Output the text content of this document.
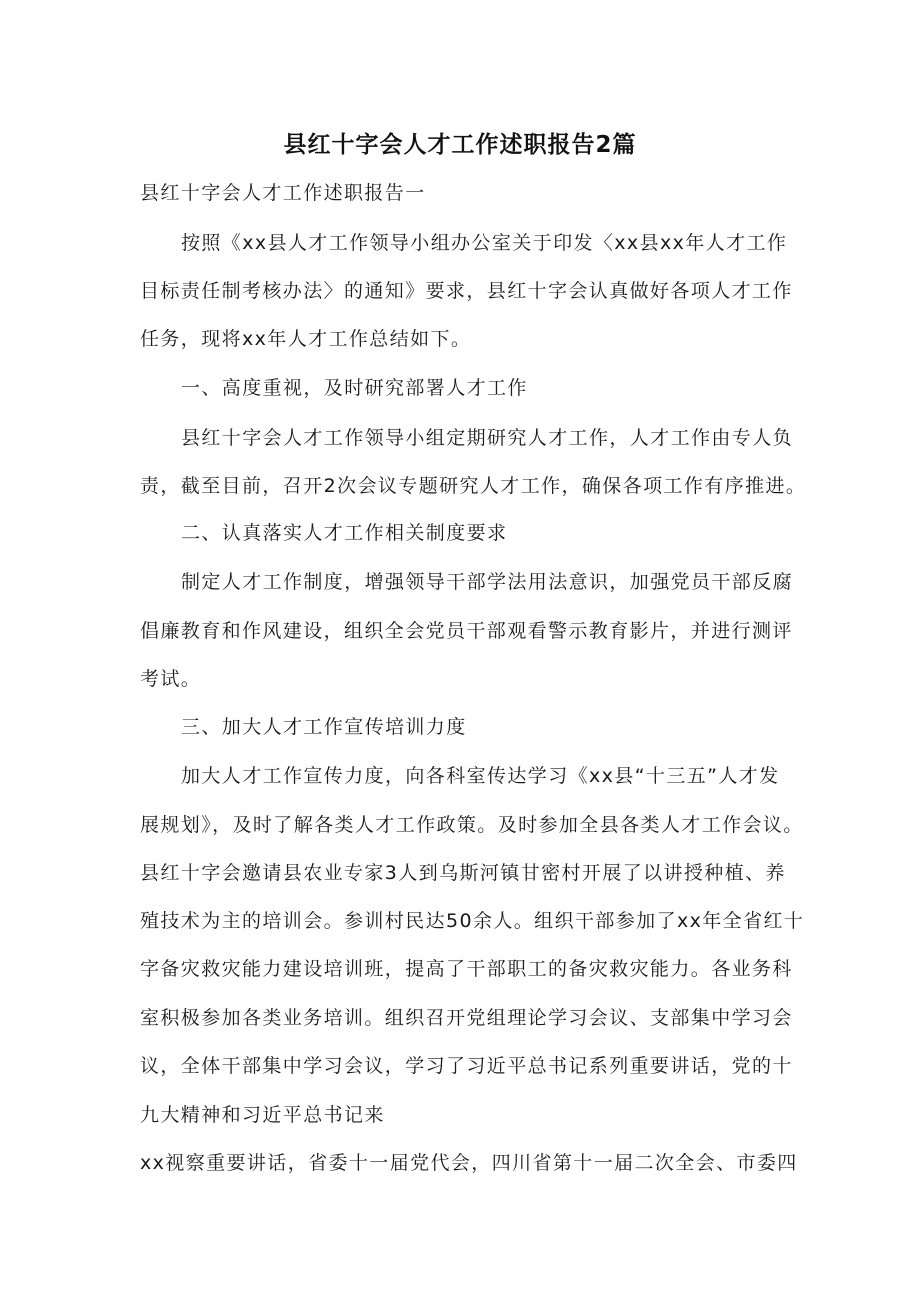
县红十字会人才工作述职报告2篇
县红十字会人才工作述职报告一
按照《xx县人才工作领导小组办公室关于印发〈xx县xx年人才工作
目标责任制考核办法〉的通知》要求，县红十字会认真做好各项人才工作
任务，现将xx年人才工作总结如下。
一、高度重视，及时研究部署人才工作
县红十字会人才工作领导小组定期研究人才工作，人才工作由专人负
责，截至目前，召开2次会议专题研究人才工作，确保各项工作有序推进。
二、认真落实人才工作相关制度要求
制定人才工作制度，增强领导干部学法用法意识，加强党员干部反腐
倡廉教育和作风建设，组织全会党员干部观看警示教育影片，并进行测评
考试。
三、加大人才工作宣传培训力度
加大人才工作宣传力度，向各科室传达学习《xx县“十三五”人才发
展规划》，及时了解各类人才工作政策。及时参加全县各类人才工作会议。
县红十字会邀请县农业专家3人到乌斯河镇甘密村开展了以讲授种植、养
殖技术为主的培训会。参训村民达50余人。组织干部参加了xx年全省红十
字备灾救灾能力建设培训班，提高了干部职工的备灾救灾能力。各业务科
室积极参加各类业务培训。组织召开党组理论学习会议、支部集中学习会
议，全体干部集中学习会议，学习了习近平总书记系列重要讲话，党的十
九大精神和习近平总书记来
xx视察重要讲话，省委十一届党代会，四川省第十一届二次全会、市委四
